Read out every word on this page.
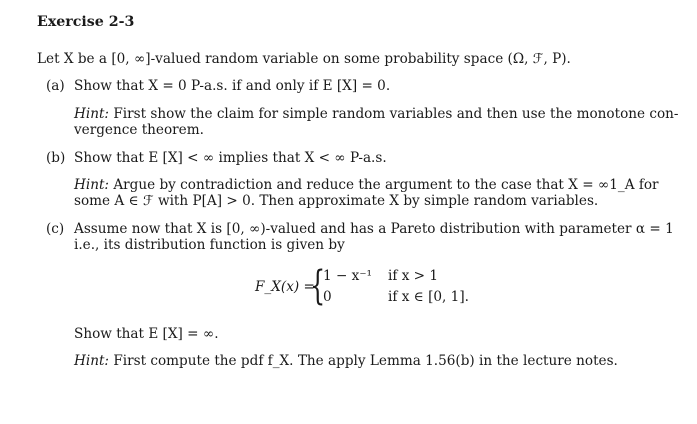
Exercise 2-3
Let X be a [0, ∞]-valued random variable on some probability space (Ω, ℱ, P).
(a) Show that X = 0 P-a.s. if and only if E [X] = 0.
Hint: First show the claim for simple random variables and then use the monotone con-
vergence theorem.
(b) Show that E [X] < ∞ implies that X < ∞ P-a.s.
Hint: Argue by contradiction and reduce the argument to the case that X = ∞1_A for
some A ∈ ℱ with P[A] > 0. Then approximate X by simple random variables.
(c) Assume now that X is [0, ∞)-valued and has a Pareto distribution with parameter α = 1
i.e., its distribution function is given by
F_X(x) =
{
1 − x⁻¹ if x > 1
0	if x ∈ [0, 1].
Show that E [X] = ∞.
Hint: First compute the pdf f_X. The apply Lemma 1.56(b) in the lecture notes.
